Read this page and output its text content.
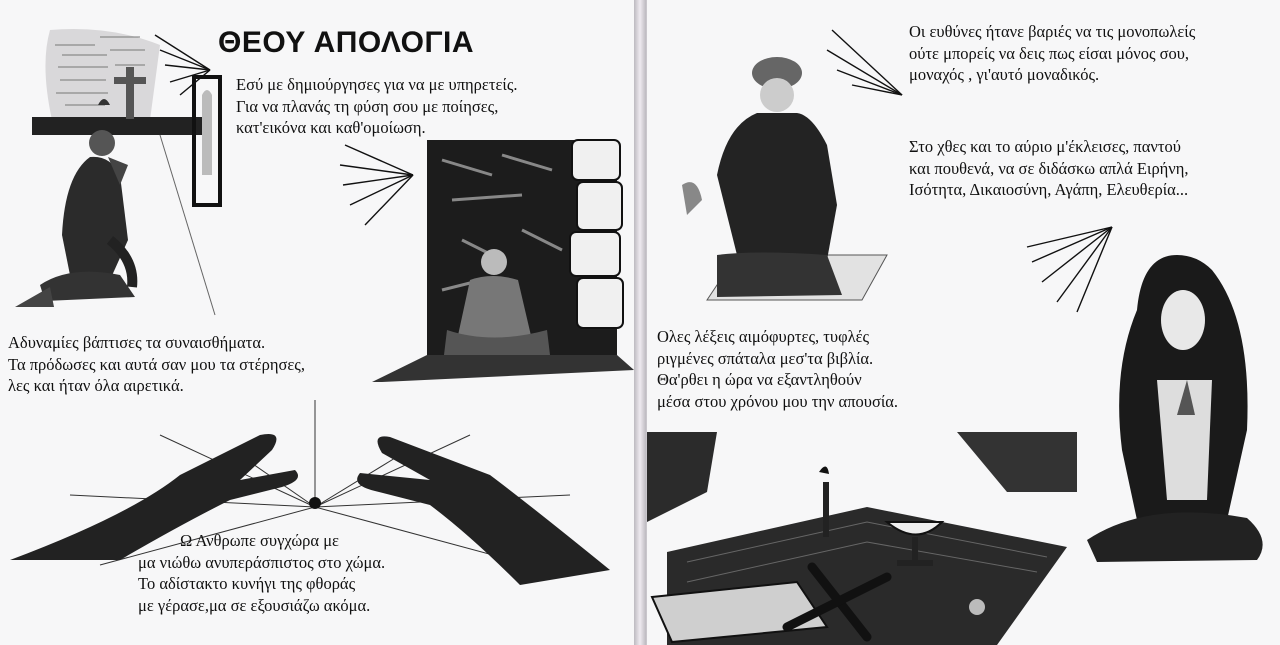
ΘΕΟΥ ΑΠΟΛΟΓΙΑ
Εσύ με δημιούργησες για να με υπηρετείς.
Για να πλανάς τη φύση σου με ποίησες,
κατ'εικόνα και καθ'ομοίωση.
Αδυναμίες βάπτισες τα συναισθήματα.
Τα πρόδωσες και αυτά σαν μου τα στέρησες,
λες και ήταν όλα αιρετικά.
Ω Ανθρωπε συγχώρα με
μα νιώθω ανυπεράσπιστος στο χώμα.
Το αδίστακτο κυνήγι της φθοράς
με γέρασε,μα σε εξουσιάζω ακόμα.
Οι ευθύνες ήτανε βαριές να τις μονοπωλείς
ούτε μπορείς να δεις πως είσαι μόνος σου,
μοναχός , γι'αυτό μοναδικός.
Στο χθες και το αύριο μ'έκλεισες, παντού
και πουθενά, να σε διδάσκω απλά Ειρήνη,
Ισότητα, Δικαιοσύνη, Αγάπη, Ελευθερία...
Ολες λέξεις αιμόφυρτες, τυφλές
ριγμένες σπάταλα μεσ'τα βιβλία.
Θα'ρθει η ώρα να εξαντληθούν
μέσα στου χρόνου μου την απουσία.
